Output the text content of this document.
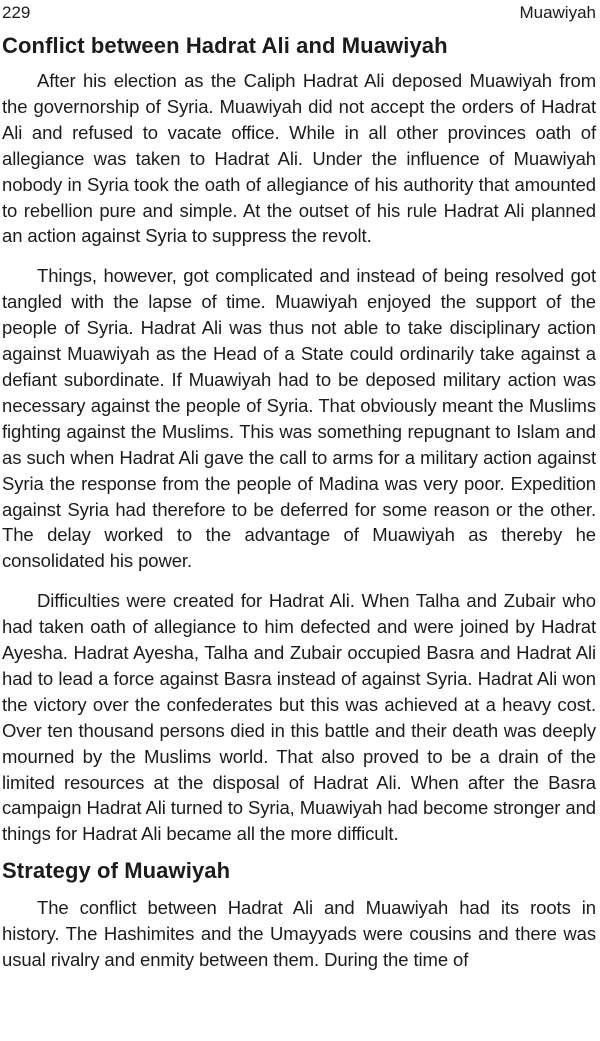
229	Muawiyah
Conflict between Hadrat Ali and Muawiyah

After his election as the Caliph Hadrat Ali deposed Muawiyah from the governorship of Syria. Muawiyah did not accept the orders of Hadrat Ali and refused to vacate office. While in all other provinces oath of allegiance was taken to Hadrat Ali. Under the influence of Muawiyah nobody in Syria took the oath of allegiance of his authority that amounted to rebellion pure and simple. At the outset of his rule Hadrat Ali planned an action against Syria to suppress the revolt.

Things, however, got complicated and instead of being resolved got tangled with the lapse of time. Muawiyah enjoyed the support of the people of Syria. Hadrat Ali was thus not able to take disciplinary action against Muawiyah as the Head of a State could ordinarily take against a defiant subordinate. If Muawiyah had to be deposed military action was necessary against the people of Syria. That obviously meant the Muslims fighting against the Muslims. This was something repugnant to Islam and as such when Hadrat Ali gave the call to arms for a military action against Syria the response from the people of Madina was very poor. Expedition against Syria had therefore to be deferred for some reason or the other. The delay worked to the advantage of Muawiyah as thereby he consolidated his power.

Difficulties were created for Hadrat Ali. When Talha and Zubair who had taken oath of allegiance to him defected and were joined by Hadrat Ayesha. Hadrat Ayesha, Talha and Zubair occupied Basra and Hadrat Ali had to lead a force against Basra instead of against Syria. Hadrat Ali won the victory over the confederates but this was achieved at a heavy cost. Over ten thousand persons died in this battle and their death was deeply mourned by the Muslims world. That also proved to be a drain of the limited resources at the disposal of Hadrat Ali. When after the Basra campaign Hadrat Ali turned to Syria, Muawiyah had become stronger and things for Hadrat Ali became all the more difficult.

Strategy of Muawiyah

The conflict between Hadrat Ali and Muawiyah had its roots in history. The Hashimites and the Umayyads were cousins and there was usual rivalry and enmity between them. During the time of
